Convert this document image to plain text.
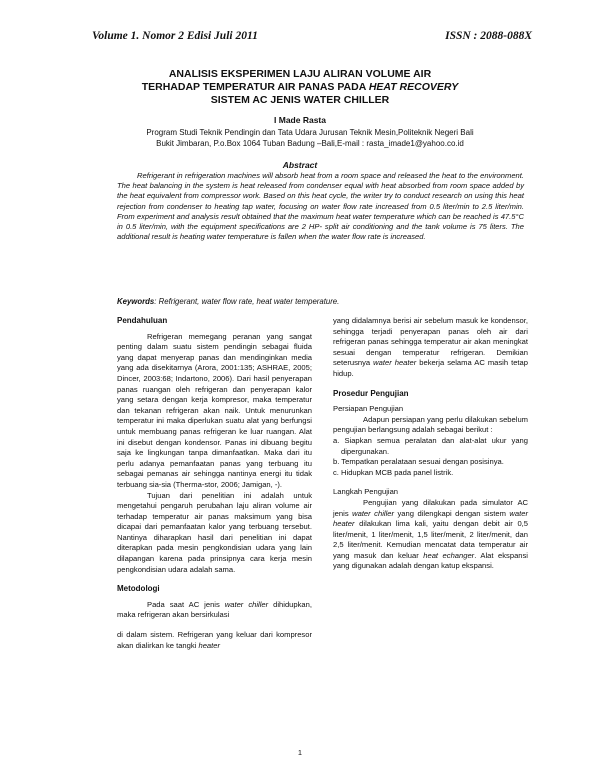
Volume 1. Nomor 2 Edisi Juli 2011	ISSN : 2088-088X
ANALISIS EKSPERIMEN LAJU ALIRAN VOLUME AIR
TERHADAP TEMPERATUR AIR PANAS PADA HEAT RECOVERY
SISTEM AC JENIS WATER CHILLER
I Made Rasta
Program Studi Teknik Pendingin dan Tata Udara Jurusan Teknik Mesin,Politeknik Negeri Bali
Bukit Jimbaran, P.o.Box 1064 Tuban Badung –Bali,E-mail : rasta_imade1@yahoo.co.id
Abstract
Refrigerant in refrigeration machines will absorb heat from a room space and released the heat to the environment. The heat balancing in the system is heat released from condenser equal with heat absorbed from room space added by the heat equivalent from compressor work. Based on this heat cycle, the writer try to conduct research on using this heat rejection from condenser to heating tap water, focusing on water flow rate increased from 0.5 liter/min to 2.5 liter/min. From experiment and analysis result obtained that the maximum heat water temperature which can be reached is 47.5°C in 0.5 liter/min, with the equipment specifications are 2 HP- split air conditioning and the tank volume is 75 liters. The additional result is heating water temperature is fallen when the water flow rate is increased.
Keywords: Refrigerant, water flow rate, heat water temperature.
Pendahuluan

Refrigeran memegang peranan yang sangat penting dalam suatu sistem pendingin sebagai fluida yang dapat menyerap panas dan mendinginkan media yang ada disekitarnya (Arora, 2001:135; ASHRAE, 2005; Dincer, 2003:68; Indartono, 2006). Dari hasil penyerapan panas ruangan oleh refrigeran dan penyerapan kalor yang setara dengan kerja kompresor, maka temperatur dan tekanan refrigeran akan naik. Untuk menurunkan temperatur ini maka diperlukan suatu alat yang berfungsi untuk membuang panas refrigeran ke luar ruangan. Alat ini disebut dengan kondensor. Panas ini dibuang begitu saja ke lingkungan tanpa dimanfaatkan. Maka dari itu perlu adanya pemanfaatan panas yang terbuang itu sebagai pemanas air sehingga nantinya energi itu tidak terbuang sia-sia (Therma-stor, 2006; Jamigan, -).

Tujuan dari penelitian ini adalah untuk mengetahui pengaruh perubahan laju aliran volume air terhadap temperatur air panas maksimum yang bisa dicapai dari pemanfaatan kalor yang terbuang tersebut. Nantinya diharapkan hasil dari penelitian ini dapat diterapkan pada mesin pengkondisian udara yang lain dilapangan karena pada prinsipnya cara kerja mesin pengkondisian udara adalah sama.

Metodologi

Pada saat AC jenis water chiller dihidupkan, maka refrigeran akan bersirkulasi

di dalam sistem. Refrigeran yang keluar dari kompresor akan dialirkan ke tangki heater

yang didalamnya berisi air sebelum masuk ke kondensor, sehingga terjadi penyerapan panas oleh air dari refrigeran panas sehingga temperatur air akan meningkat sesuai dengan temperatur refrigeran. Demikian seterusnya water heater bekerja selama AC masih tetap hidup.

Prosedur Pengujian

Persiapan Pengujian

Adapun persiapan yang perlu dilakukan sebelum pengujian berlangsung adalah sebagai berikut :

a. Siapkan semua peralatan dan alat-alat ukur yang dipergunakan.

b. Tempatkan peralataan sesuai dengan posisinya.

c. Hidupkan MCB pada panel listrik.

Langkah Pengujian

Pengujian yang dilakukan pada simulator AC jenis water chiller yang dilengkapi dengan sistem water heater dilakukan lima kali, yaitu dengan debit air 0,5 liter/menit, 1 liter/menit, 1,5 liter/menit, 2 liter/menit, dan 2,5 liter/menit. Kemudian mencatat data temperatur air yang masuk dan keluar heat echanger. Alat ekspansi yang digunakan adalah dengan katup ekspansi.

1
